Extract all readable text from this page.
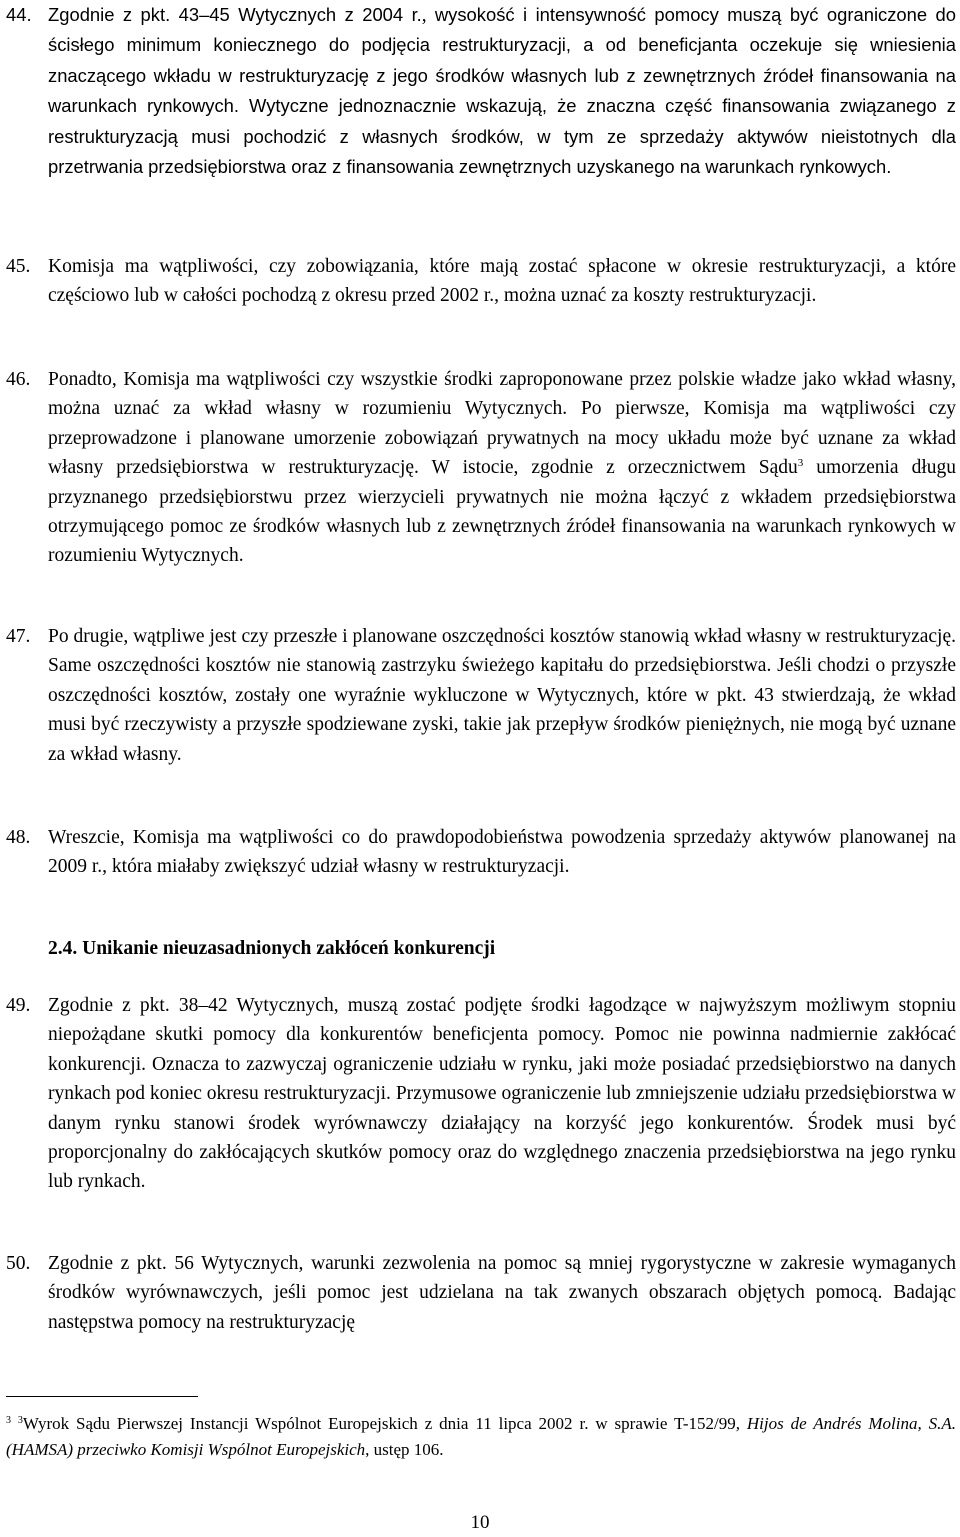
44. Zgodnie z pkt. 43–45 Wytycznych z 2004 r., wysokość i intensywność pomocy muszą być ograniczone do ścisłego minimum koniecznego do podjęcia restrukturyzacji, a od beneficjanta oczekuje się wniesienia znaczącego wkładu w restrukturyzację z jego środków własnych lub z zewnętrznych źródeł finansowania na warunkach rynkowych. Wytyczne jednoznacznie wskazują, że znaczna część finansowania związanego z restrukturyzacją musi pochodzić z własnych środków, w tym ze sprzedaży aktywów nieistotnych dla przetrwania przedsiębiorstwa oraz z finansowania zewnętrznych uzyskanego na warunkach rynkowych.

45. Komisja ma wątpliwości, czy zobowiązania, które mają zostać spłacone w okresie restrukturyzacji, a które częściowo lub w całości pochodzą z okresu przed 2002 r., można uznać za koszty restrukturyzacji.

46. Ponadto, Komisja ma wątpliwości czy wszystkie środki zaproponowane przez polskie władze jako wkład własny, można uznać za wkład własny w rozumieniu Wytycznych. Po pierwsze, Komisja ma wątpliwości czy przeprowadzone i planowane umorzenie zobowiązań prywatnych na mocy układu może być uznane za wkład własny przedsiębiorstwa w restrukturyzację. W istocie, zgodnie z orzecznictwem Sądu$^3$ umorzenia długu przyznanego przedsiębiorstwu przez wierzycieli prywatnych nie można łączyć z wkładem przedsiębiorstwa otrzymującego pomoc ze środków własnych lub z zewnętrznych źródeł finansowania na warunkach rynkowych w rozumieniu Wytycznych.

47. Po drugie, wątpliwe jest czy przeszłe i planowane oszczędności kosztów stanowią wkład własny w restrukturyzację. Same oszczędności kosztów nie stanowią zastrzyku świeżego kapitału do przedsiębiorstwa. Jeśli chodzi o przyszłe oszczędności kosztów, zostały one wyraźnie wykluczone w Wytycznych, które w pkt. 43 stwierdzają, że wkład musi być rzeczywisty a przyszłe spodziewane zyski, takie jak przepływ środków pieniężnych, nie mogą być uznane za wkład własny.

48. Wreszcie, Komisja ma wątpliwości co do prawdopodobieństwa powodzenia sprzedaży aktywów planowanej na 2009 r., która miałaby zwiększyć udział własny w restrukturyzacji.

2.4. Unikanie nieuzasadnionych zakłóceń konkurencji

49. Zgodnie z pkt. 38–42 Wytycznych, muszą zostać podjęte środki łagodzące w najwyższym możliwym stopniu niepożądane skutki pomocy dla konkurentów beneficjenta pomocy. Pomoc nie powinna nadmiernie zakłócać konkurencji. Oznacza to zazwyczaj ograniczenie udziału w rynku, jaki może posiadać przedsiębiorstwo na danych rynkach pod koniec okresu restrukturyzacji. Przymusowe ograniczenie lub zmniejszenie udziału przedsiębiorstwa w danym rynku stanowi środek wyrównawczy działający na korzyść jego konkurentów. Środek musi być proporcjonalny do zakłócających skutków pomocy oraz do względnego znaczenia przedsiębiorstwa na jego rynku lub rynkach.

50. Zgodnie z pkt. 56 Wytycznych, warunki zezwolenia na pomoc są mniej rygorystyczne w zakresie wymaganych środków wyrównawczych, jeśli pomoc jest udzielana na tak zwanych obszarach objętych pomocą. Badając następstwa pomocy na restrukturyzację

$^3$ $^3$Wyrok Sądu Pierwszej Instancji Wspólnot Europejskich z dnia 11 lipca 2002 r. w sprawie T-152/99, Hijos de Andrés Molina, S.A. (HAMSA) przeciwko Komisji Wspólnot Europejskich, ustęp 106.
10
